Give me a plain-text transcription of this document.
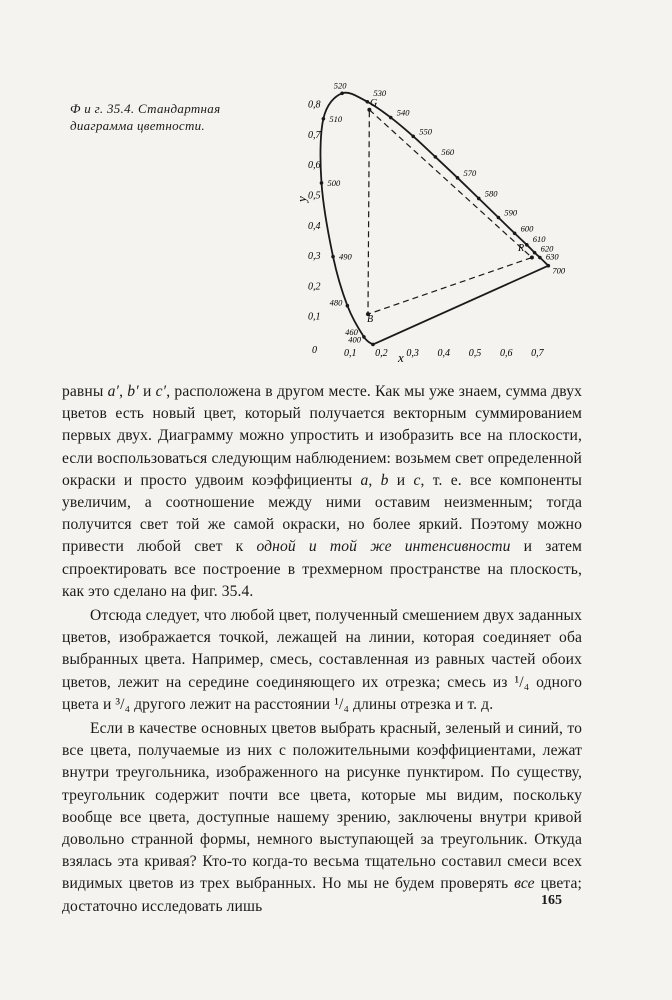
Ф и г. 35.4. Стандартная
диаграмма цветности.
0,8
0,7
0,6
0,5
0,4
0,3
0,2
0,1
0,7
0,6
0,5
0,4
0,3
0,2
0,1
700
630
620
610
600
590
580
570
560
550
540
530
520
510
500
490
480
460
400
G
R
B
0	x
y

равны a′, b′ и c′, расположена в другом месте. Как мы уже знаем, сумма двух цветов есть новый цвет, который получается векторным суммированием первых двух. Диаграмму можно упростить и изобразить все на плоскости, если воспользоваться следующим наблюдением: возьмем свет определенной окраски и просто удвоим коэффициенты a, b и c, т. е. все компоненты увеличим, а соотношение между ними оставим неизменным; тогда получится свет той же самой окраски, но более яркий. Поэтому можно привести любой свет к одной и той же интенсивности и затем спроектировать все построение в трехмерном пространстве на плоскость, как это сделано на фиг. 35.4.

Отсюда следует, что любой цвет, полученный смешением двух заданных цветов, изображается точкой, лежащей на линии, которая соединяет оба выбранных цвета. Например, смесь, составленная из равных частей обоих цветов, лежит на середине соединяющего их отрезка; смесь из ¹/₄ одного цвета и ³/₄ другого лежит на расстоянии ¹/₄ длины отрезка и т. д.

Если в качестве основных цветов выбрать красный, зеленый и синий, то все цвета, получаемые из них с положительными коэффициентами, лежат внутри треугольника, изображенного на рисунке пунктиром. По существу, треугольник содержит почти все цвета, которые мы видим, поскольку вообще все цвета, доступные нашему зрению, заключены внутри кривой довольно странной формы, немного выступающей за треугольник. Откуда взялась эта кривая? Кто-то когда-то весьма тщательно составил смеси всех видимых цветов из трех выбранных. Но мы не будем проверять все цвета; достаточно исследовать лишь	165
